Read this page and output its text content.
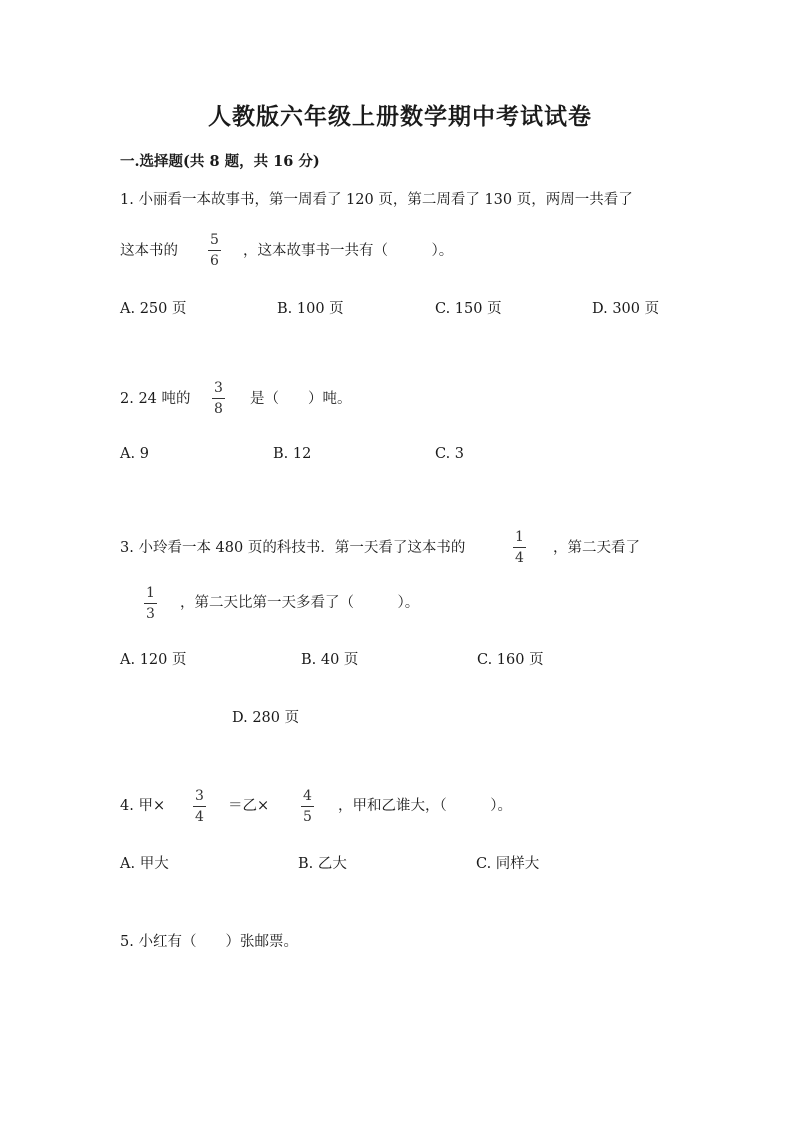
人教版六年级上册数学期中考试试卷
一.选择题(共 8 题，共 16 分)
1. 小丽看一本故事书，第一周看了 120 页，第二周看了 130 页，两周一共看了
这本书的 $\frac{5}{6}$ ，这本故事书一共有（　　　）。
A. 250 页	B. 100 页	C. 150 页	D. 300 页
2. 24 吨的 $\frac{3}{8}$ 是（　　）吨。
A. 9	B. 12	C. 3
3. 小玲看一本 480 页的科技书．第一天看了这本书的	$\frac{1}{4}$ ，第二天看了
$\frac{1}{3}$ ，第二天比第一天多看了（　　　）。
A. 120 页	B. 40 页	C. 160 页
D. 280 页
4. 甲× $\frac{3}{4}$ ＝乙× $\frac{4}{5}$ ，甲和乙谁大，（　　　）。
A. 甲大	B. 乙大	C. 同样大
5. 小红有（　　）张邮票。
